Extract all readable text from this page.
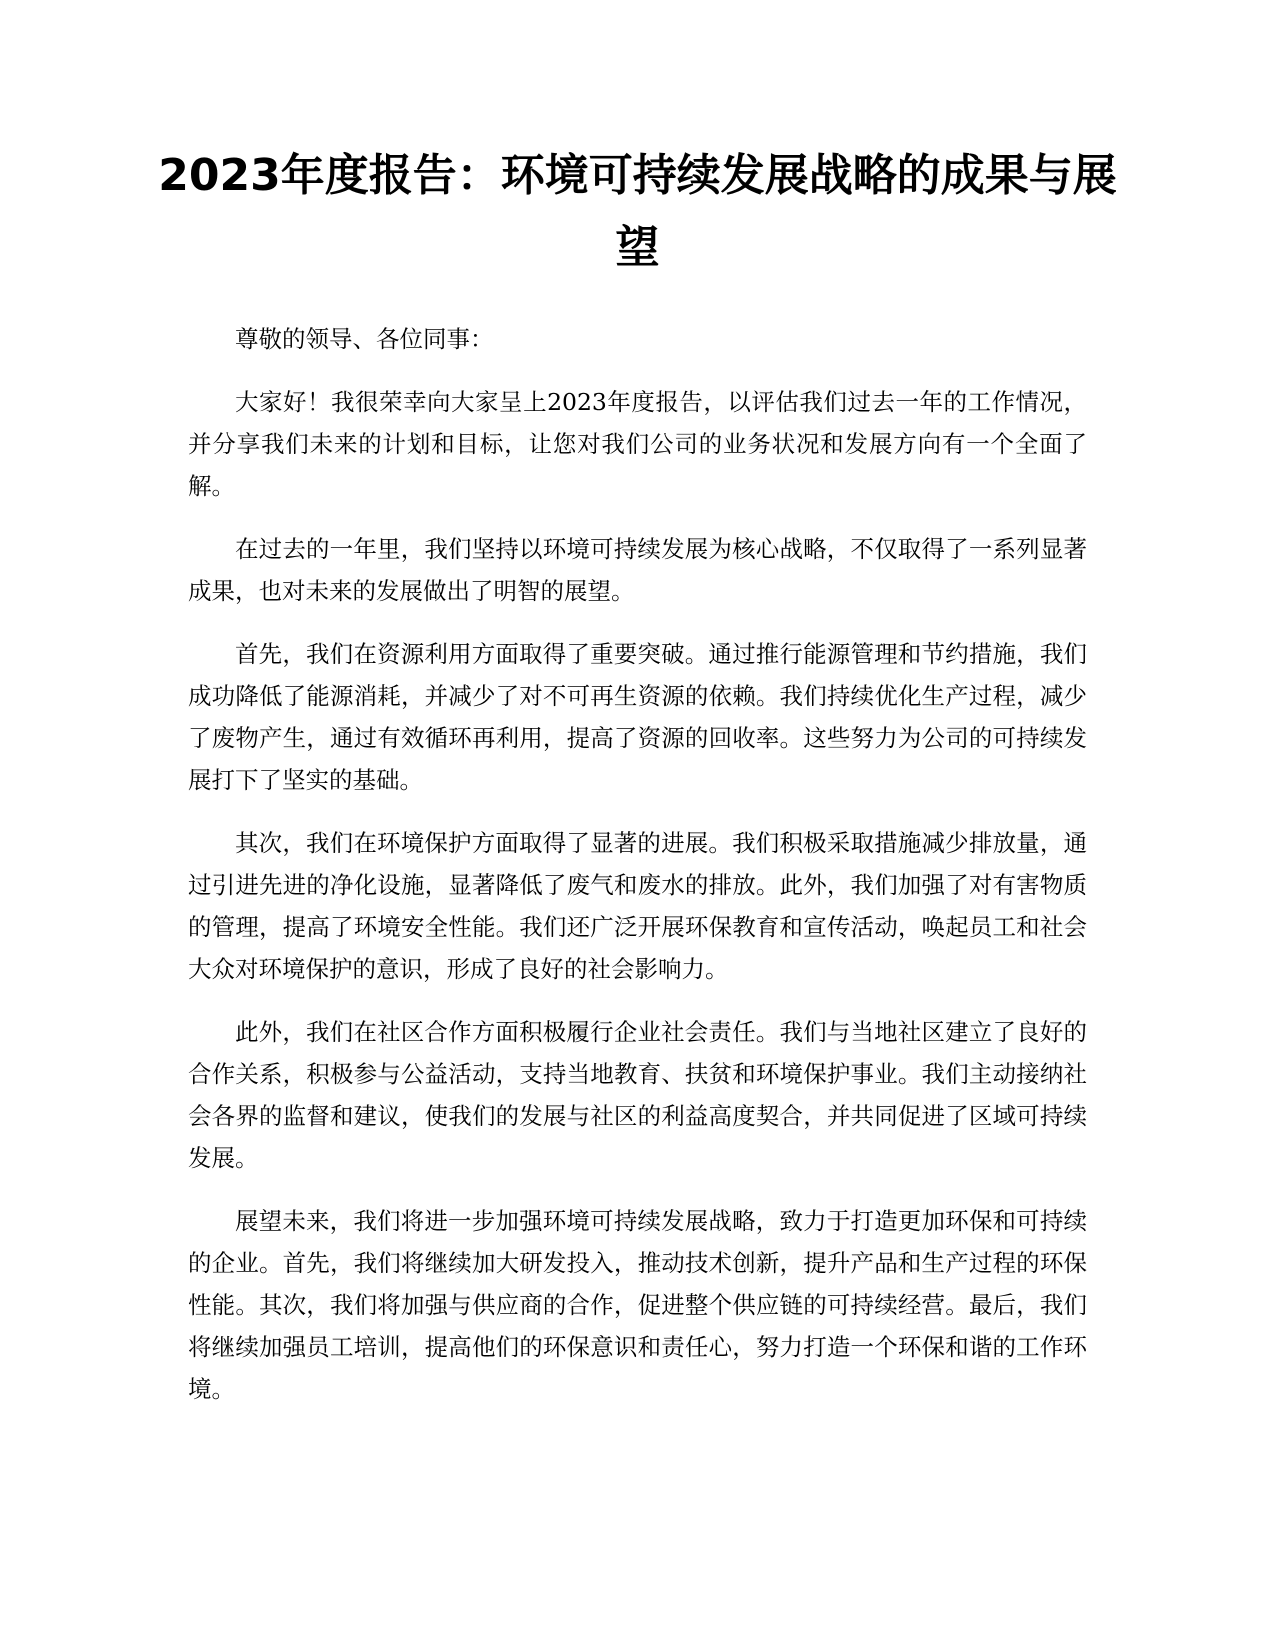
2023年度报告：环境可持续发展战略的成果与展望

尊敬的领导、各位同事：

大家好！我很荣幸向大家呈上2023年度报告，以评估我们过去一年的工作情况，并分享我们未来的计划和目标，让您对我们公司的业务状况和发展方向有一个全面了解。

在过去的一年里，我们坚持以环境可持续发展为核心战略，不仅取得了一系列显著成果，也对未来的发展做出了明智的展望。

首先，我们在资源利用方面取得了重要突破。通过推行能源管理和节约措施，我们成功降低了能源消耗，并减少了对不可再生资源的依赖。我们持续优化生产过程，减少了废物产生，通过有效循环再利用，提高了资源的回收率。这些努力为公司的可持续发展打下了坚实的基础。

其次，我们在环境保护方面取得了显著的进展。我们积极采取措施减少排放量，通过引进先进的净化设施，显著降低了废气和废水的排放。此外，我们加强了对有害物质的管理，提高了环境安全性能。我们还广泛开展环保教育和宣传活动，唤起员工和社会大众对环境保护的意识，形成了良好的社会影响力。

此外，我们在社区合作方面积极履行企业社会责任。我们与当地社区建立了良好的合作关系，积极参与公益活动，支持当地教育、扶贫和环境保护事业。我们主动接纳社会各界的监督和建议，使我们的发展与社区的利益高度契合，并共同促进了区域可持续发展。

展望未来，我们将进一步加强环境可持续发展战略，致力于打造更加环保和可持续的企业。首先，我们将继续加大研发投入，推动技术创新，提升产品和生产过程的环保性能。其次，我们将加强与供应商的合作，促进整个供应链的可持续经营。最后，我们将继续加强员工培训，提高他们的环保意识和责任心，努力打造一个环保和谐的工作环境。
